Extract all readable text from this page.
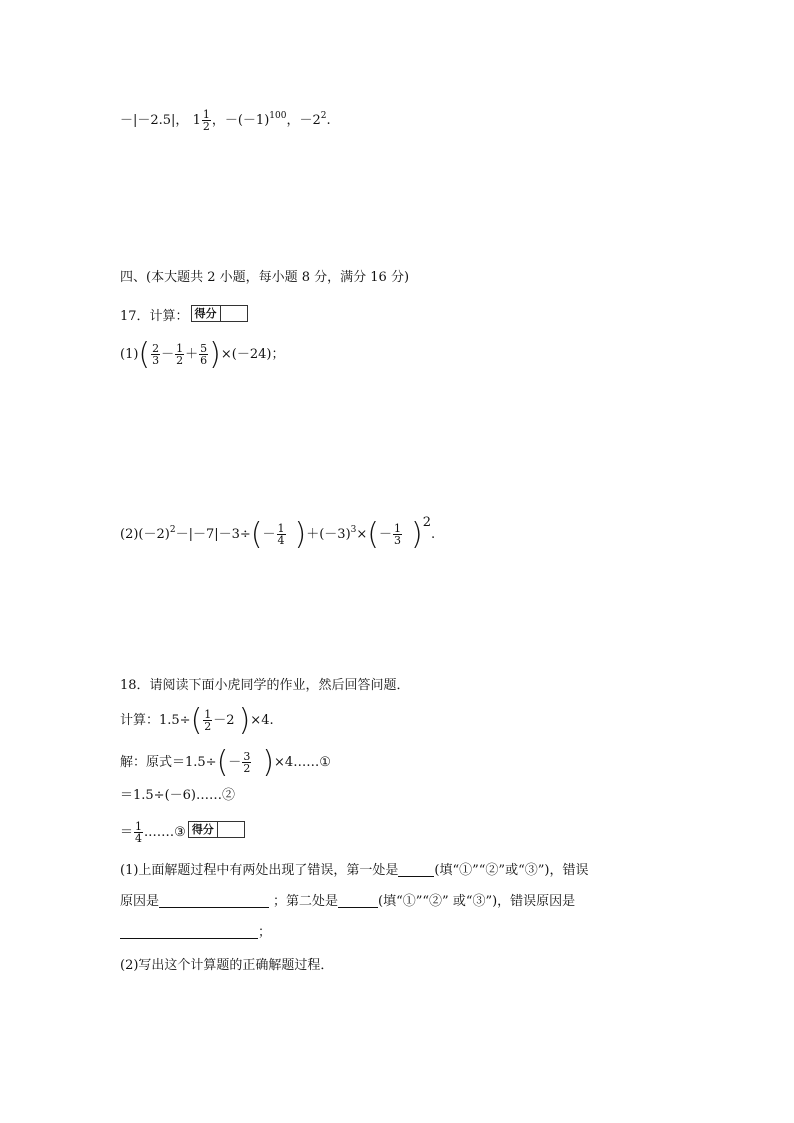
－|－2.5|， $1 \frac{1}{2}$ ，$-(-1)^{100}$，$-2^2$.
四、(本大题共 2 小题，每小题 8 分，满分 16 分)
17．计算： 得分
$(1)( \frac{2}{3} - \frac{1}{2} + \frac{5}{6} )\times(-24)$；
$(2)(-2)^2-|-7|-3\div(- \frac{1}{4} )+(-3)^3\times(- \frac{1}{3} )2$.
18．请阅读下面小虎同学的作业，然后回答问题．
计算：$1.5\div( \frac{1}{2} -2$ )×4.
解：原式$=1.5\div(- \frac{3}{2}$ )×4……①
＝1.5÷(－6)……②
＝ $\frac{1}{4}$ .……③ 得分
(1)上面解题过程中有两处出现了错误，第一处是	(填“①”“②”或“③”)，错误
原因是	；第二处是	(填“①”“②” 或“③”)，错误原因是
；
(2)写出这个计算题的正确解题过程．
